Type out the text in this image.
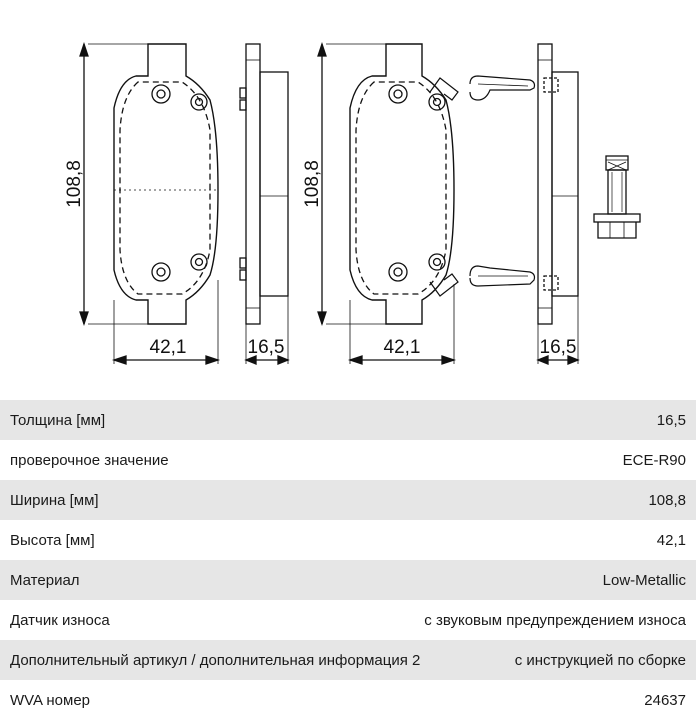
108,8
42,1	16,5
108,8
42,1	16,5
Толщина [мм]	16,5
проверочное значение	ECE-R90
Ширина [мм]	108,8
Высота [мм]	42,1
Материал	Low-Metallic
Датчик износа	с звуковым предупреждением износа
Дополнительный артикул / дополнительная информация 2	с инструкцией по сборке
WVA номер	24637
